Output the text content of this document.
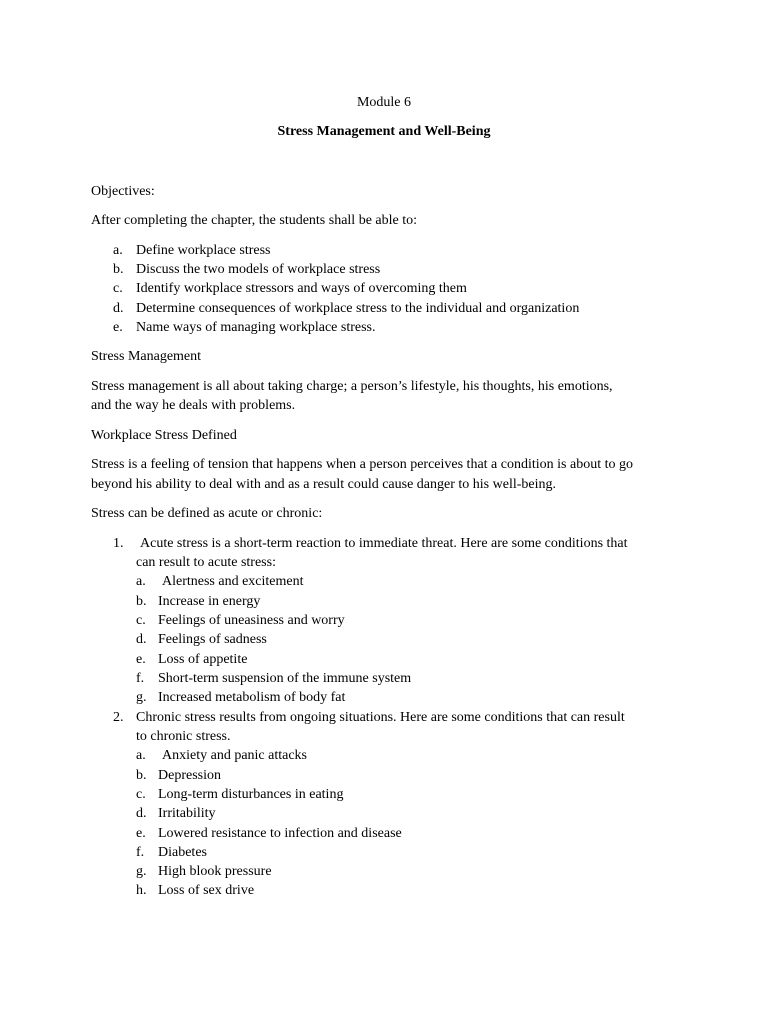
Module 6
Stress Management and Well-Being
Objectives:
After completing the chapter, the students shall be able to:
a. Define workplace stress
b. Discuss the two models of workplace stress
c. Identify workplace stressors and ways of overcoming them
d. Determine consequences of workplace stress to the individual and organization
e. Name ways of managing workplace stress.
Stress Management
Stress management is all about taking charge; a person’s lifestyle, his thoughts, his emotions,
and the way he deals with problems.
Workplace Stress Defined
Stress is a feeling of tension that happens when a person perceives that a condition is about to go
beyond his ability to deal with and as a result could cause danger to his well-being.
Stress can be defined as acute or chronic:
1. Acute stress is a short-term reaction to immediate threat. Here are some conditions that
can result to acute stress:
a. Alertness and excitement
b. Increase in energy
c. Feelings of uneasiness and worry
d. Feelings of sadness
e. Loss of appetite
f. Short-term suspension of the immune system
g. Increased metabolism of body fat
2. Chronic stress results from ongoing situations. Here are some conditions that can result
to chronic stress.
a. Anxiety and panic attacks
b. Depression
c. Long-term disturbances in eating
d. Irritability
e. Lowered resistance to infection and disease
f. Diabetes
g. High blook pressure
h. Loss of sex drive
